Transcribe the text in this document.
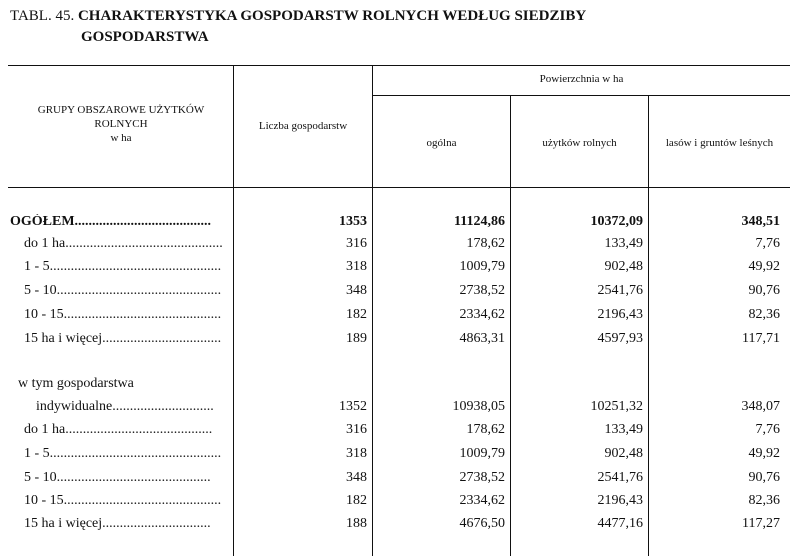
TABL. 45. CHARAKTERYSTYKA GOSPODARSTW ROLNYCH WEDŁUG SIEDZIBY
GOSPODARSTWA
GRUPY OBSZAROWE UŻYTKÓW
ROLNYCH
w ha
Liczba gospodarstw
Powierzchnia w ha
ogólna	użytków rolnych	lasów i gruntów leśnych
OGÓŁEM.......................................	1353	11124,86	10372,09	348,51
do 1 ha.............................................	316	178,62	133,49	7,76
1 - 5.................................................	318	1009,79	902,48	49,92
5 - 10...............................................	348	2738,52	2541,76	90,76
10 - 15.............................................	182	2334,62	2196,43	82,36
15 ha i więcej..................................	189	4863,31	4597,93	117,71
w tym gospodarstwa
indywidualne.............................	1352	10938,05	10251,32	348,07
do 1 ha..........................................	316	178,62	133,49	7,76
1 - 5.................................................	318	1009,79	902,48	49,92
5 - 10............................................	348	2738,52	2541,76	90,76
10 - 15.............................................	182	2334,62	2196,43	82,36
15 ha i więcej...............................	188	4676,50	4477,16	117,27
